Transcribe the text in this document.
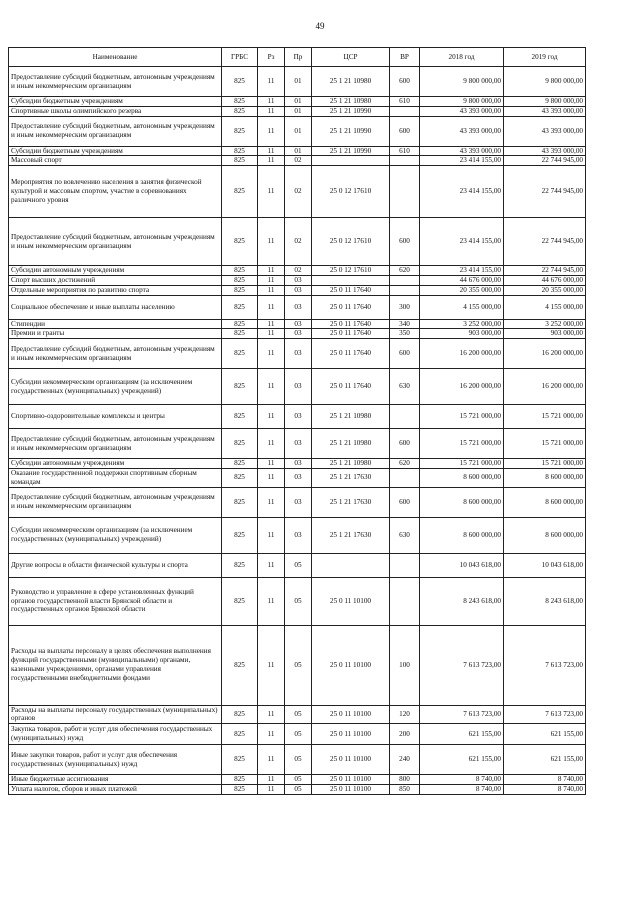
49
Наименование	ГРБС	Рз	Пр	ЦСР	ВР	2018 год	2019 год
Предоставление субсидий бюджетным, автономным учреждениям и иным некоммерческим организациям	825	11	01	25 1 21 10980	600	9 800 000,00	9 800 000,00
Субсидии бюджетным учреждениям	825	11	01	25 1 21 10980	610	9 800 000,00	9 800 000,00
Спортивные школы олимпийского резерва	825	11	01	25 1 21 10990		43 393 000,00	43 393 000,00
Предоставление субсидий бюджетным, автономным учреждениям и иным некоммерческим организациям	825	11	01	25 1 21 10990	600	43 393 000,00	43 393 000,00
Субсидии бюджетным учреждениям	825	11	01	25 1 21 10990	610	43 393 000,00	43 393 000,00
Массовый спорт	825	11	02			23 414 155,00	22 744 945,00
Мероприятия по вовлечению населения в занятия физической культурой и массовым спортом, участие в соревнованиях различного уровня	825	11	02	25 0 12 17610		23 414 155,00	22 744 945,00
Предоставление субсидий бюджетным, автономным учреждениям и иным некоммерческим организациям	825	11	02	25 0 12 17610	600	23 414 155,00	22 744 945,00
Субсидии автономным учреждениям	825	11	02	25 0 12 17610	620	23 414 155,00	22 744 945,00
Спорт высших достижений	825	11	03			44 676 000,00	44 676 000,00
Отдельные мероприятия по развитию спорта	825	11	03	25 0 11 17640		20 355 000,00	20 355 000,00
Социальное обеспечение и иные выплаты населению	825	11	03	25 0 11 17640	300	4 155 000,00	4 155 000,00
Стипендии	825	11	03	25 0 11 17640	340	3 252 000,00	3 252 000,00
Премии и гранты	825	11	03	25 0 11 17640	350	903 000,00	903 000,00
Предоставление субсидий бюджетным, автономным учреждениям и иным некоммерческим организациям	825	11	03	25 0 11 17640	600	16 200 000,00	16 200 000,00
Субсидии некоммерческим организациям (за исключением государственных (муниципальных) учреждений)	825	11	03	25 0 11 17640	630	16 200 000,00	16 200 000,00
Спортивно-оздоровительные комплексы и центры	825	11	03	25 1 21 10980		15 721 000,00	15 721 000,00
Предоставление субсидий бюджетным, автономным учреждениям и иным некоммерческим организациям	825	11	03	25 1 21 10980	600	15 721 000,00	15 721 000,00
Субсидии автономным учреждениям	825	11	03	25 1 21 10980	620	15 721 000,00	15 721 000,00
Оказание государственной поддержки спортивным сборным командам	825	11	03	25 1 21 17630		8 600 000,00	8 600 000,00
Предоставление субсидий бюджетным, автономным учреждениям и иным некоммерческим организациям	825	11	03	25 1 21 17630	600	8 600 000,00	8 600 000,00
Субсидии некоммерческим организациям (за исключением государственных (муниципальных) учреждений)	825	11	03	25 1 21 17630	630	8 600 000,00	8 600 000,00
Другие вопросы в области физической культуры и спорта	825	11	05			10 043 618,00	10 043 618,00
Руководство и управление в сфере установленных функций органов государственной власти Брянской области и государственных органов Брянской области	825	11	05	25 0 11 10100		8 243 618,00	8 243 618,00
Расходы на выплаты персоналу в целях обеспечения выполнения функций государственными (муниципальными) органами, казенными учреждениями, органами управления государственными внебюджетными фондами	825	11	05	25 0 11 10100	100	7 613 723,00	7 613 723,00
Расходы на выплаты персоналу государственных (муниципальных) органов	825	11	05	25 0 11 10100	120	7 613 723,00	7 613 723,00
Закупка товаров, работ и услуг для обеспечения государственных (муниципальных) нужд	825	11	05	25 0 11 10100	200	621 155,00	621 155,00
Иные закупки товаров, работ и услуг для обеспечения государственных (муниципальных) нужд	825	11	05	25 0 11 10100	240	621 155,00	621 155,00
Иные бюджетные ассигнования	825	11	05	25 0 11 10100	800	8 740,00	8 740,00
Уплата налогов, сборов и иных платежей	825	11	05	25 0 11 10100	850	8 740,00	8 740,00
